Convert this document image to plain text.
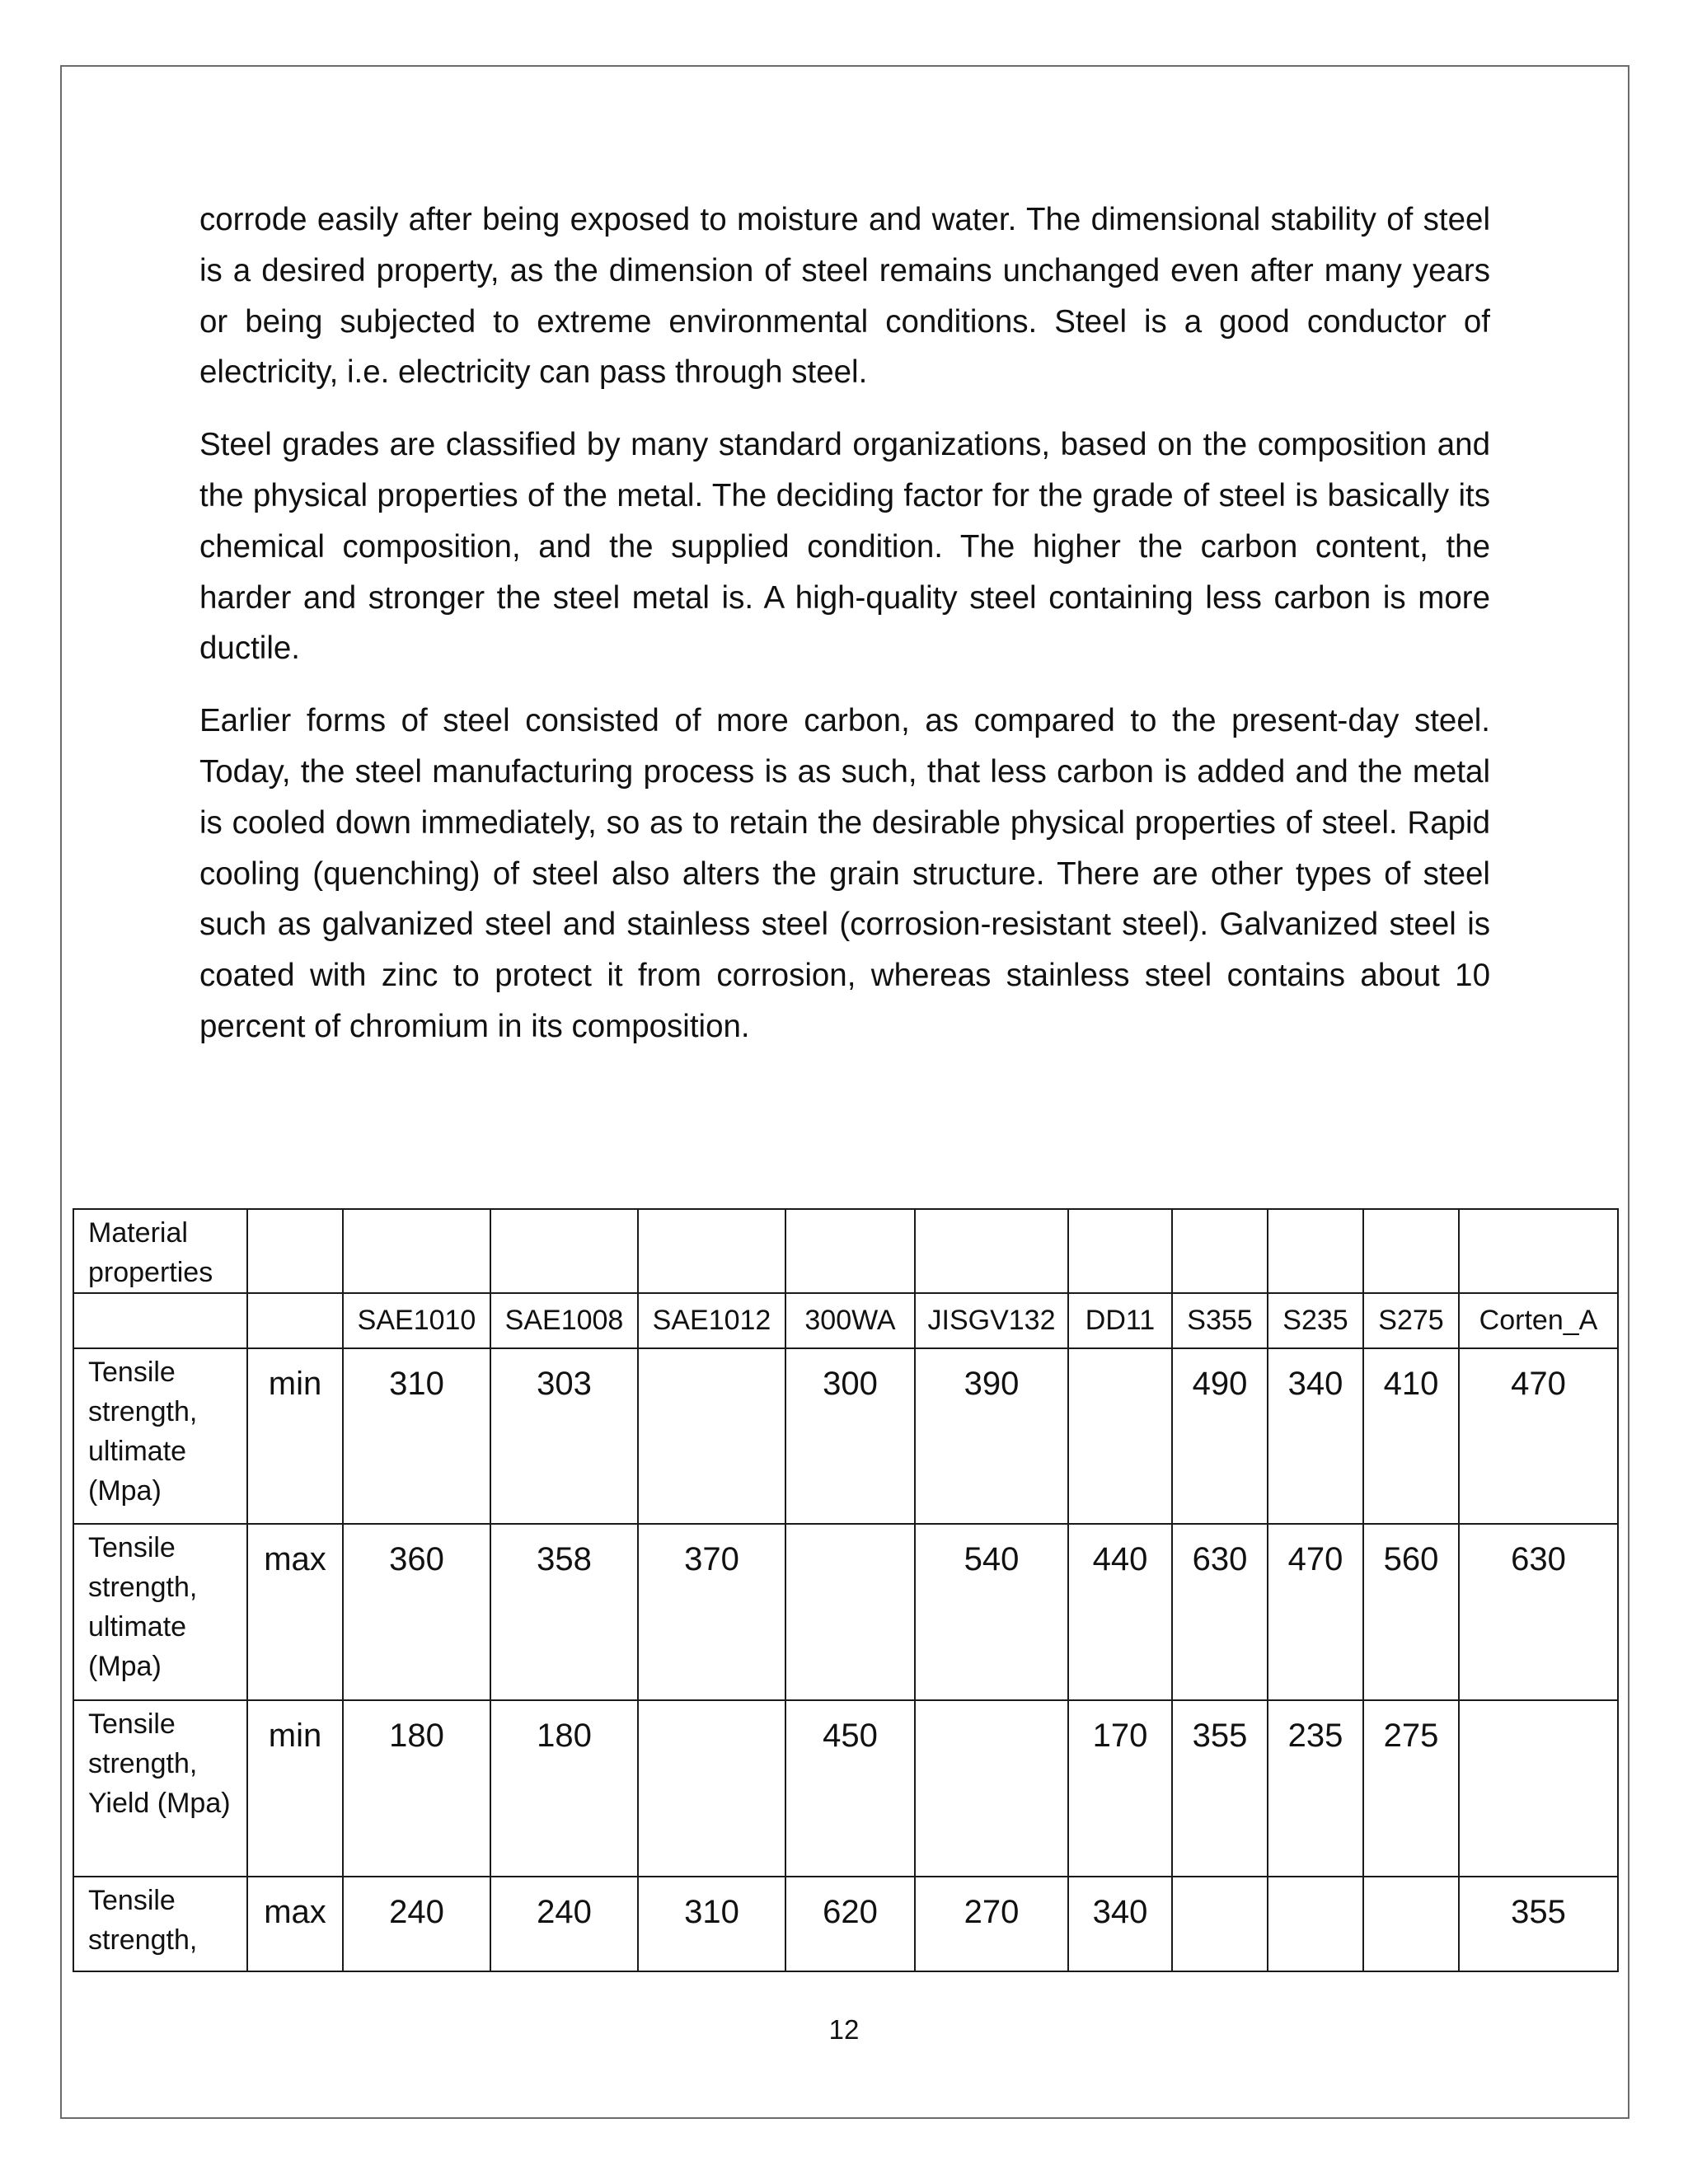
corrode easily after being exposed to moisture and water. The dimensional stability of steel is a desired property, as the dimension of steel remains unchanged even after many years or being subjected to extreme environmental conditions. Steel is a good conductor of electricity, i.e. electricity can pass through steel.

Steel grades are classified by many standard organizations, based on the composition and the physical properties of the metal. The deciding factor for the grade of steel is basically its chemical composition, and the supplied condition. The higher the carbon content, the harder and stronger the steel metal is. A high-quality steel containing less carbon is more ductile.

Earlier forms of steel consisted of more carbon, as compared to the present-day steel. Today, the steel manufacturing process is as such, that less carbon is added and the metal is cooled down immediately, so as to retain the desirable physical properties of steel. Rapid cooling (quenching) of steel also alters the grain structure. There are other types of steel such as galvanized steel and stainless steel (corrosion-resistant steel). Galvanized steel is coated with zinc to protect it from corrosion, whereas stainless steel contains about 10 percent of chromium in its composition.

Material properties											
		SAE1010	SAE1008	SAE1012	300WA	JISGV132	DD11	S355	S235	S275	Corten_A
Tensile strength, ultimate (Mpa)	min	310	303		300	390		490	340	410	470
Tensile strength, ultimate (Mpa)	max	360	358	370		540	440	630	470	560	630
Tensile strength, Yield (Mpa)	min	180	180		450		170	355	235	275	
Tensile strength,	max	240	240	310	620	270	340				355
12
